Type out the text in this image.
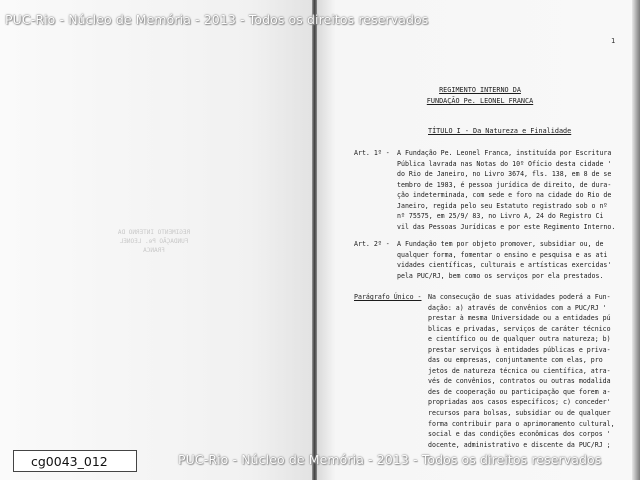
REGIMENTO INTERNO DA
FUNDAÇÃO Pe. LEONEL FRANCA
PUC-Rio - Núcleo de Memória - 2013 - Todos os direitos reservados
1
REGIMENTO INTERNO DA
FUNDAÇÃO Pe. LEONEL FRANCA
TÍTULO I - Da Natureza e Finalidade
Art. 1º - A Fundação Pe. Leonel Franca, instituída por Escritura
Pública lavrada nas Notas do 10º Ofício desta cidade '
do Rio de Janeiro, no Livro 3674, fls. 138, em 8 de se
tembro de 1983, é pessoa jurídica de direito, de dura-
ção indeterminada, com sede e foro na cidade do Rio de
Janeiro, regida pelo seu Estatuto registrado sob o nº
nº 75575, em 25/9/ 83, no Livro A, 24 do Registro Ci
vil das Pessoas Jurídicas e por este Regimento Interno.
Art. 2º - A Fundação tem por objeto promover, subsidiar ou, de
qualquer forma, fomentar o ensino e pesquisa e as ati
vidades científicas, culturais e artísticas exercidas'
pela PUC/RJ, bem como os serviços por ela prestados.
Parágrafo Único - Na consecução de suas atividades poderá a Fun-
dação: a) através de convênios com a PUC/RJ '
prestar à mesma Universidade ou a entidades pú
blicas e privadas, serviços de caráter técnico
e científico ou de qualquer outra natureza; b)
prestar serviços à entidades públicas e priva-
das ou empresas, conjuntamente com elas, pro
jetos de natureza técnica ou científica, atra-
vés de convênios, contratos ou outras modalida
des de cooperação ou participação que forem a-
propriadas aos casos específicos; c) conceder'
recursos para bolsas, subsidiar ou de qualquer
forma contribuir para o aprimoramento cultural,
social e das condições econômicas dos corpos '
docente, administrativo e discente da PUC/RJ ;
cg0043_012	PUC-Rio - Núcleo de Memória - 2013 - Todos os direitos reservados
